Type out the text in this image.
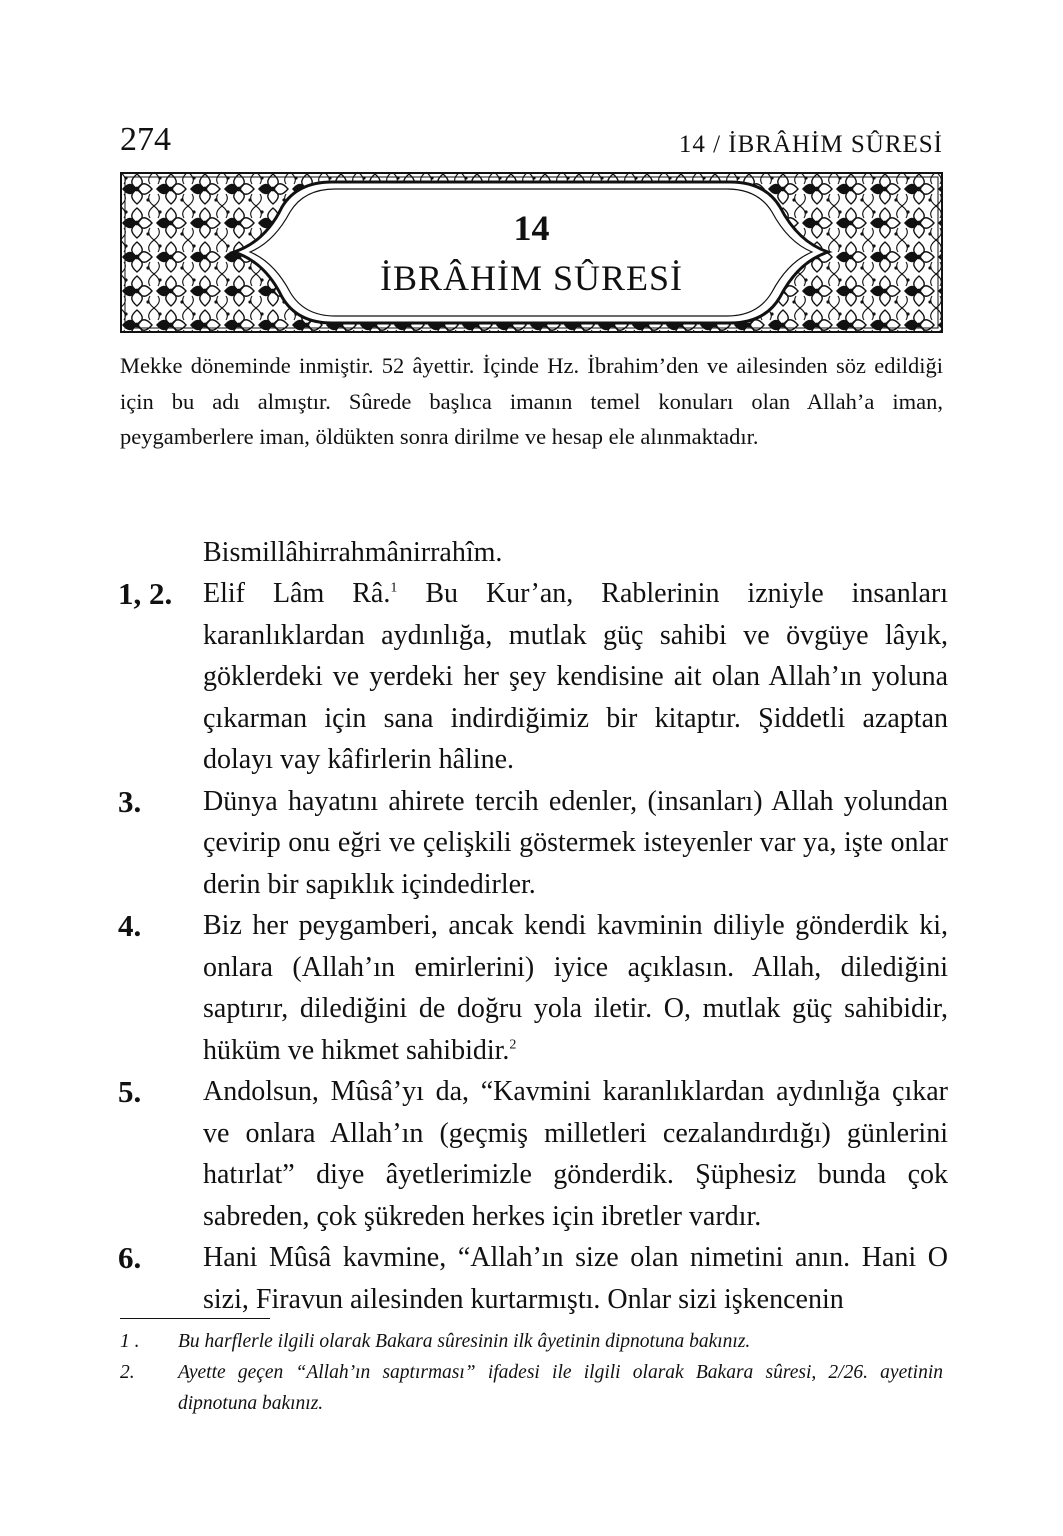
274	14 / İBRÂHİM SÛRESİ
14
İBRÂHİM SÛRESİ
Mekke döneminde inmiştir. 52 âyettir. İçinde Hz. İbrahim’den ve ailesinden söz edildiği için bu adı almıştır. Sûrede başlıca imanın temel konuları olan Allah’a iman, peygamberlere iman, öldükten sonra dirilme ve hesap ele alınmaktadır.
Bismillâhirrahmânirrahîm.
1, 2.	Elif Lâm Râ.$^1$ Bu Kur’an, Rablerinin izniyle insanları karanlıklardan aydınlığa, mutlak güç sahibi ve övgüye lâyık, göklerdeki ve yerdeki her şey kendisine ait olan Allah’ın yoluna çıkarman için sana indirdiğimiz bir kitaptır. Şiddetli azaptan dolayı vay kâfirlerin hâline.
3.	Dünya hayatını ahirete tercih edenler, (insanları) Allah yolundan çevirip onu eğri ve çelişkili göstermek isteyenler var ya, işte onlar derin bir sapıklık içindedirler.
4.	Biz her peygamberi, ancak kendi kavminin diliyle gönderdik ki, onlara (Allah’ın emirlerini) iyice açıklasın. Allah, dilediğini saptırır, dilediğini de doğru yola iletir. O, mutlak güç sahibidir, hüküm ve hikmet sahibidir.$^2$
5.	Andolsun, Mûsâ’yı da, “Kavmini karanlıklardan aydınlığa çıkar ve onlara Allah’ın (geçmiş milletleri cezalandırdığı) günlerini hatırlat” diye âyetlerimizle gönderdik. Şüphesiz bunda çok sabreden, çok şükreden herkes için ibretler vardır.
6.	Hani Mûsâ kavmine, “Allah’ın size olan nimetini anın. Hani O sizi, Firavun ailesinden kurtarmıştı. Onlar sizi işkencenin
1 .	Bu harflerle ilgili olarak Bakara sûresinin ilk âyetinin dipnotuna bakınız.
2.	Ayette geçen “Allah’ın saptırması” ifadesi ile ilgili olarak Bakara sûresi, 2/26. ayetinin dipnotuna bakınız.
